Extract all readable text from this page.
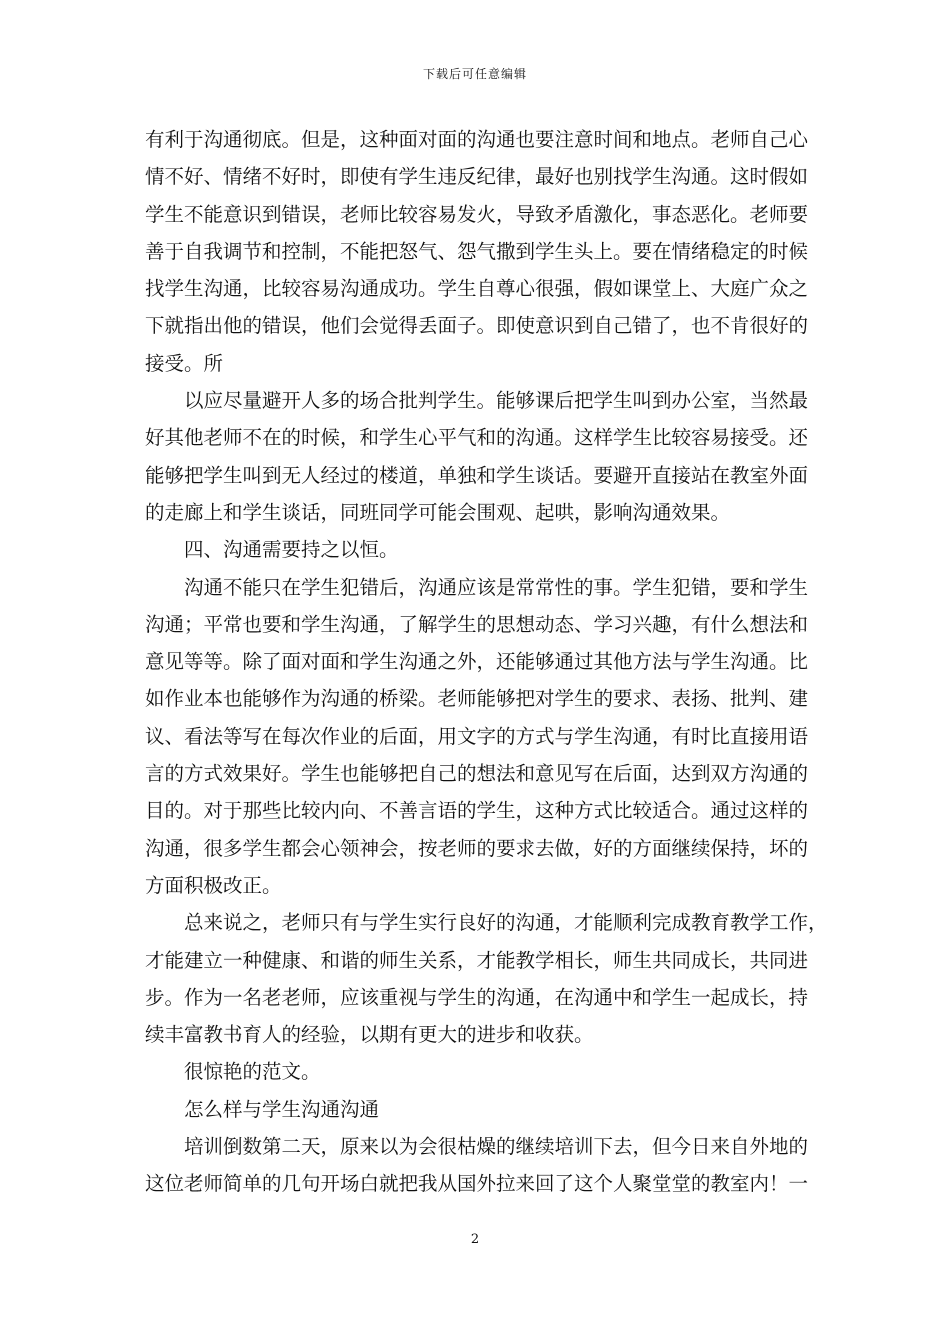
下载后可任意编辑
有利于沟通彻底。但是，这种面对面的沟通也要注意时间和地点。老师自己心
情不好、情绪不好时，即使有学生违反纪律，最好也别找学生沟通。这时假如
学生不能意识到错误，老师比较容易发火，导致矛盾激化，事态恶化。老师要
善于自我调节和控制，不能把怒气、怨气撒到学生头上。要在情绪稳定的时候
找学生沟通，比较容易沟通成功。学生自尊心很强，假如课堂上、大庭广众之
下就指出他的错误，他们会觉得丢面子。即使意识到自己错了，也不肯很好的
接受。所
以应尽量避开人多的场合批判学生。能够课后把学生叫到办公室，当然最
好其他老师不在的时候，和学生心平气和的沟通。这样学生比较容易接受。还
能够把学生叫到无人经过的楼道，单独和学生谈话。要避开直接站在教室外面
的走廊上和学生谈话，同班同学可能会围观、起哄，影响沟通效果。
四、沟通需要持之以恒。
沟通不能只在学生犯错后，沟通应该是常常性的事。学生犯错，要和学生
沟通；平常也要和学生沟通，了解学生的思想动态、学习兴趣，有什么想法和
意见等等。除了面对面和学生沟通之外，还能够通过其他方法与学生沟通。比
如作业本也能够作为沟通的桥梁。老师能够把对学生的要求、表扬、批判、建
议、看法等写在每次作业的后面，用文字的方式与学生沟通，有时比直接用语
言的方式效果好。学生也能够把自己的想法和意见写在后面，达到双方沟通的
目的。对于那些比较内向、不善言语的学生，这种方式比较适合。通过这样的
沟通，很多学生都会心领神会，按老师的要求去做，好的方面继续保持，坏的
方面积极改正。
总来说之，老师只有与学生实行良好的沟通，才能顺利完成教育教学工作，
才能建立一种健康、和谐的师生关系，才能教学相长，师生共同成长，共同进
步。作为一名老老师，应该重视与学生的沟通，在沟通中和学生一起成长，持
续丰富教书育人的经验，以期有更大的进步和收获。
很惊艳的范文。
怎么样与学生沟通沟通
培训倒数第二天，原来以为会很枯燥的继续培训下去，但今日来自外地的
这位老师简单的几句开场白就把我从国外拉来回了这个人聚堂堂的教室内！一
2
